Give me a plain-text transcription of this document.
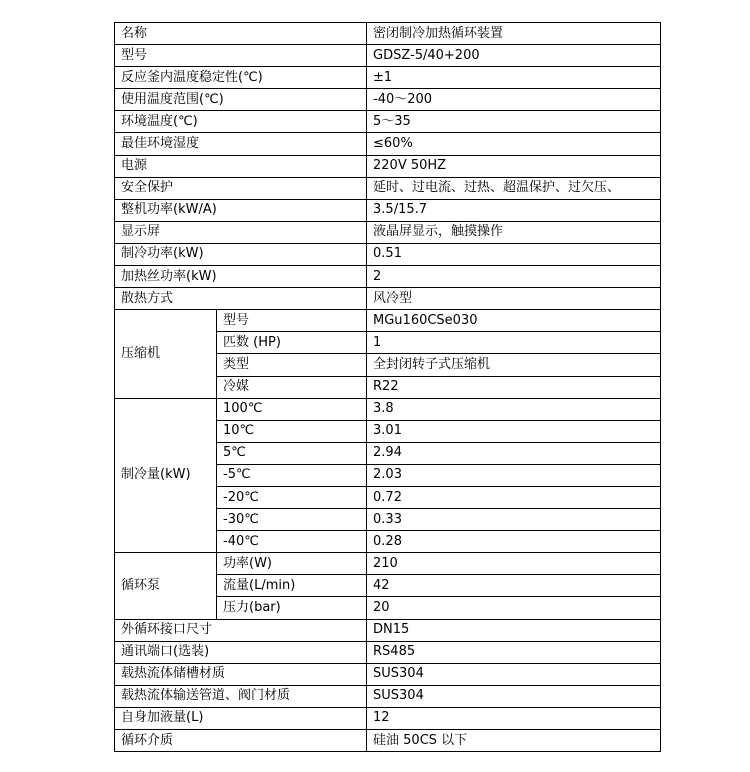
名称		密闭制冷加热循环装置
型号		GDSZ-5/40+200
反应釜内温度稳定性(℃)		±1
使用温度范围(℃)		-40～200
环境温度(℃)		5～35
最佳环境湿度		≤60%
电源		220V 50HZ
安全保护		延时、过电流、过热、超温保护、过欠压、
整机功率(kW/A)		3.5/15.7
显示屏		液晶屏显示，触摸操作
制冷功率(kW)		0.51
加热丝功率(kW)		2
散热方式		风冷型
压缩机	型号	MGu160CSe030
	匹数 (HP)	1
	类型	全封闭转子式压缩机
	冷媒	R22
制冷量(kW)	100℃	3.8
	10℃	3.01
	5℃	2.94
	-5℃	2.03
	-20℃	0.72
	-30℃	0.33
	-40℃	0.28
循环泵	功率(W)	210
	流量(L/min)	42
	压力(bar)	20
外循环接口尺寸		DN15
通讯端口(选装)		RS485
载热流体储槽材质		SUS304
载热流体输送管道、阀门材质		SUS304
自身加液量(L)		12
循环介质		硅油 50CS 以下
